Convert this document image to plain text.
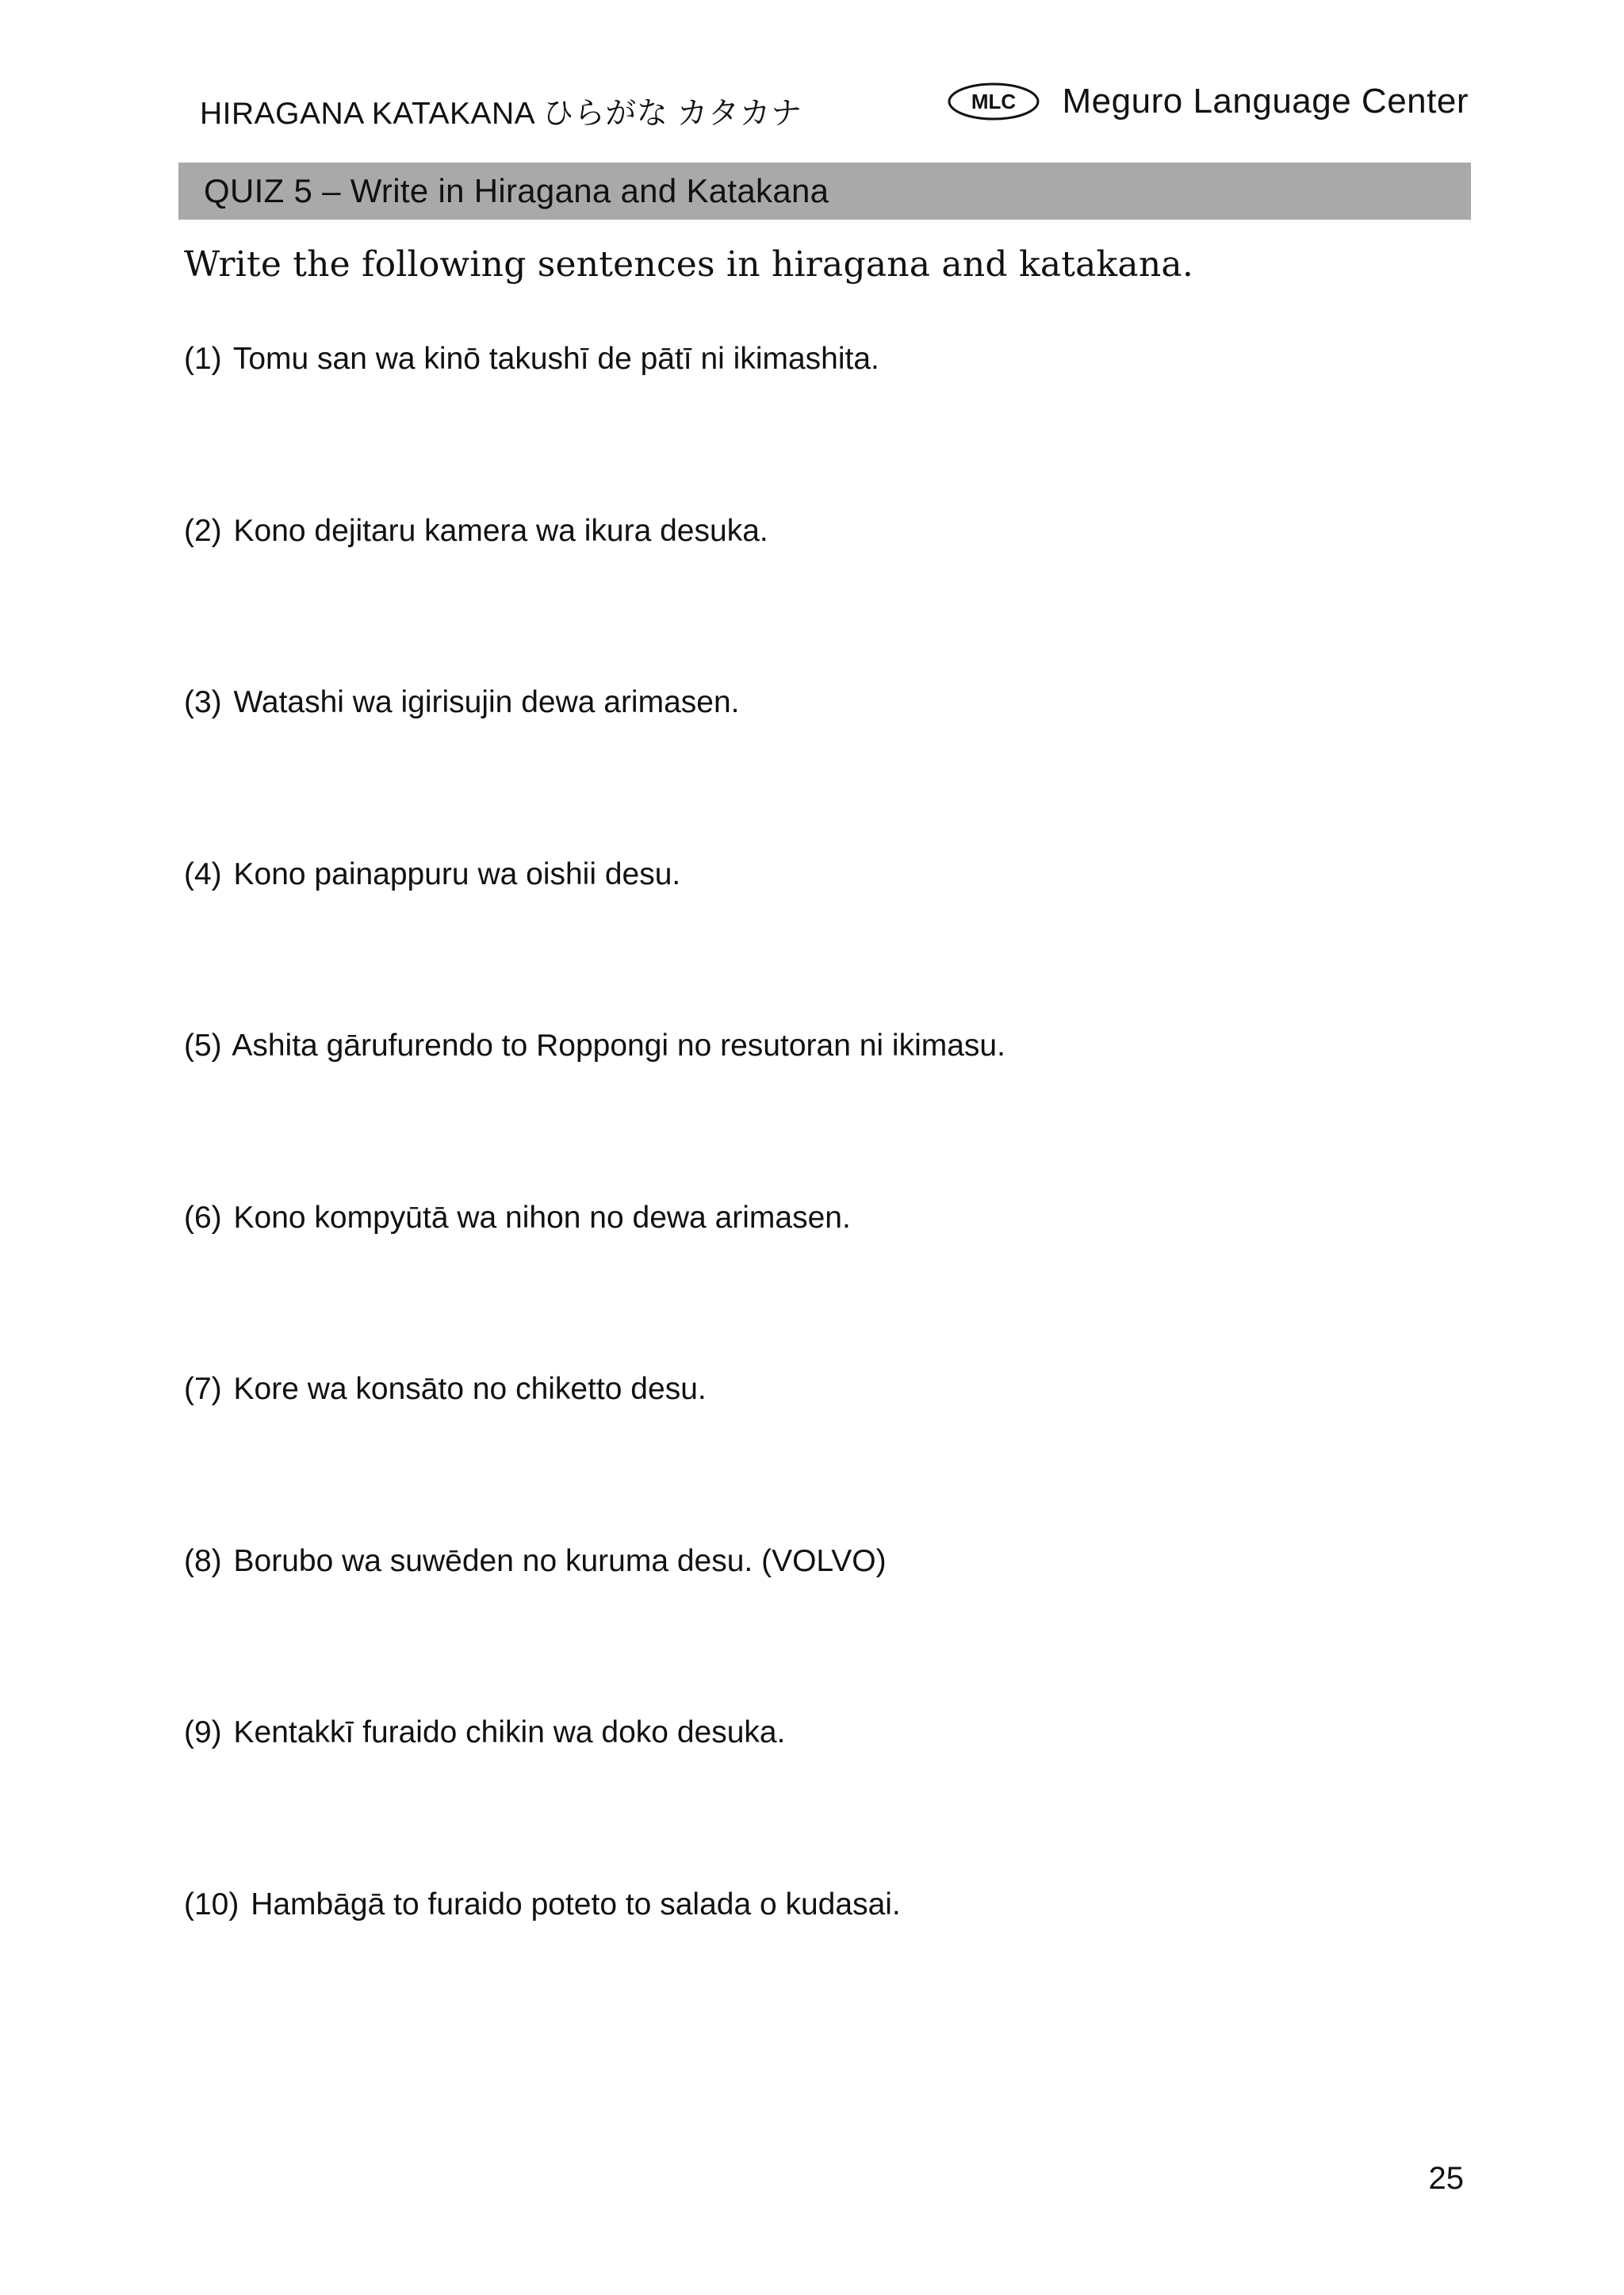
HIRAGANA KATAKANA ひらがな カタカナ	MLC Meguro Language Center
QUIZ 5 – Write in Hiragana and Katakana
Write the following sentences in hiragana and katakana.
(1) Tomu san wa kinō takushī de pātī ni ikimashita.
(2) Kono dejitaru kamera wa ikura desuka.
(3) Watashi wa igirisujin dewa arimasen.
(4) Kono painappuru wa oishii desu.
(5) Ashita gārufurendo to Roppongi no resutoran ni ikimasu.
(6) Kono kompyūtā wa nihon no dewa arimasen.
(7) Kore wa konsāto no chiketto desu.
(8) Borubo wa suwēden no kuruma desu. (VOLVO)
(9) Kentakkī furaido chikin wa doko desuka.
(10) Hambāgā to furaido poteto to salada o kudasai.
25
